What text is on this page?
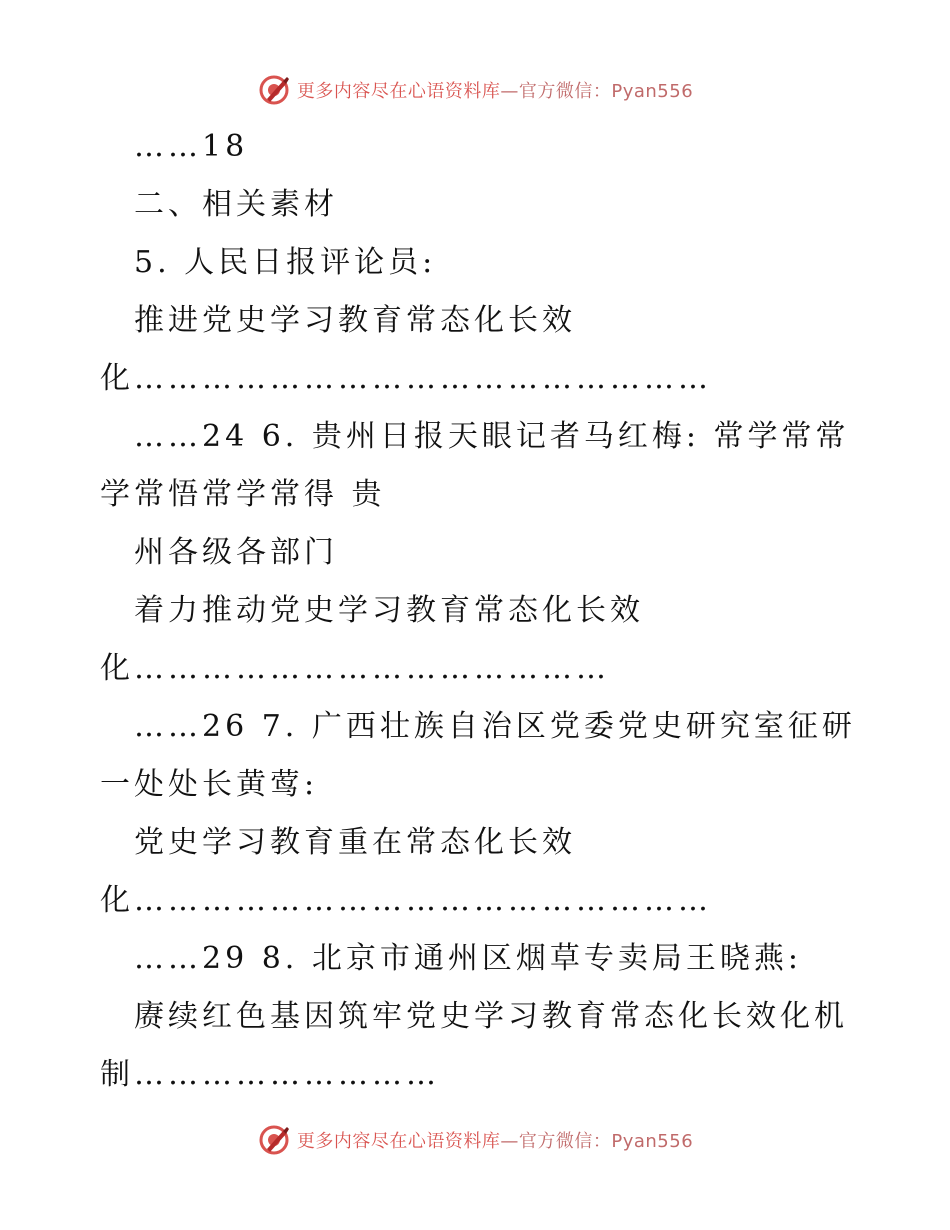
更多内容尽在心语资料库—官方微信：Pyan556
……18
二、相关素材
5. 人民日报评论员:
推进党史学习教育常态化长效
化……………………………………………
……24 6. 贵州日报天眼记者马红梅: 常学常常
学常悟常学常得 贵
州各级各部门
着力推动党史学习教育常态化长效
化……………………………………
……26 7. 广西壮族自治区党委党史研究室征研
一处处长黄莺:
党史学习教育重在常态化长效
化……………………………………………
……29 8. 北京市通州区烟草专卖局王晓燕:
赓续红色基因筑牢党史学习教育常态化长效化机
制………………………
更多内容尽在心语资料库—官方微信：Pyan556
